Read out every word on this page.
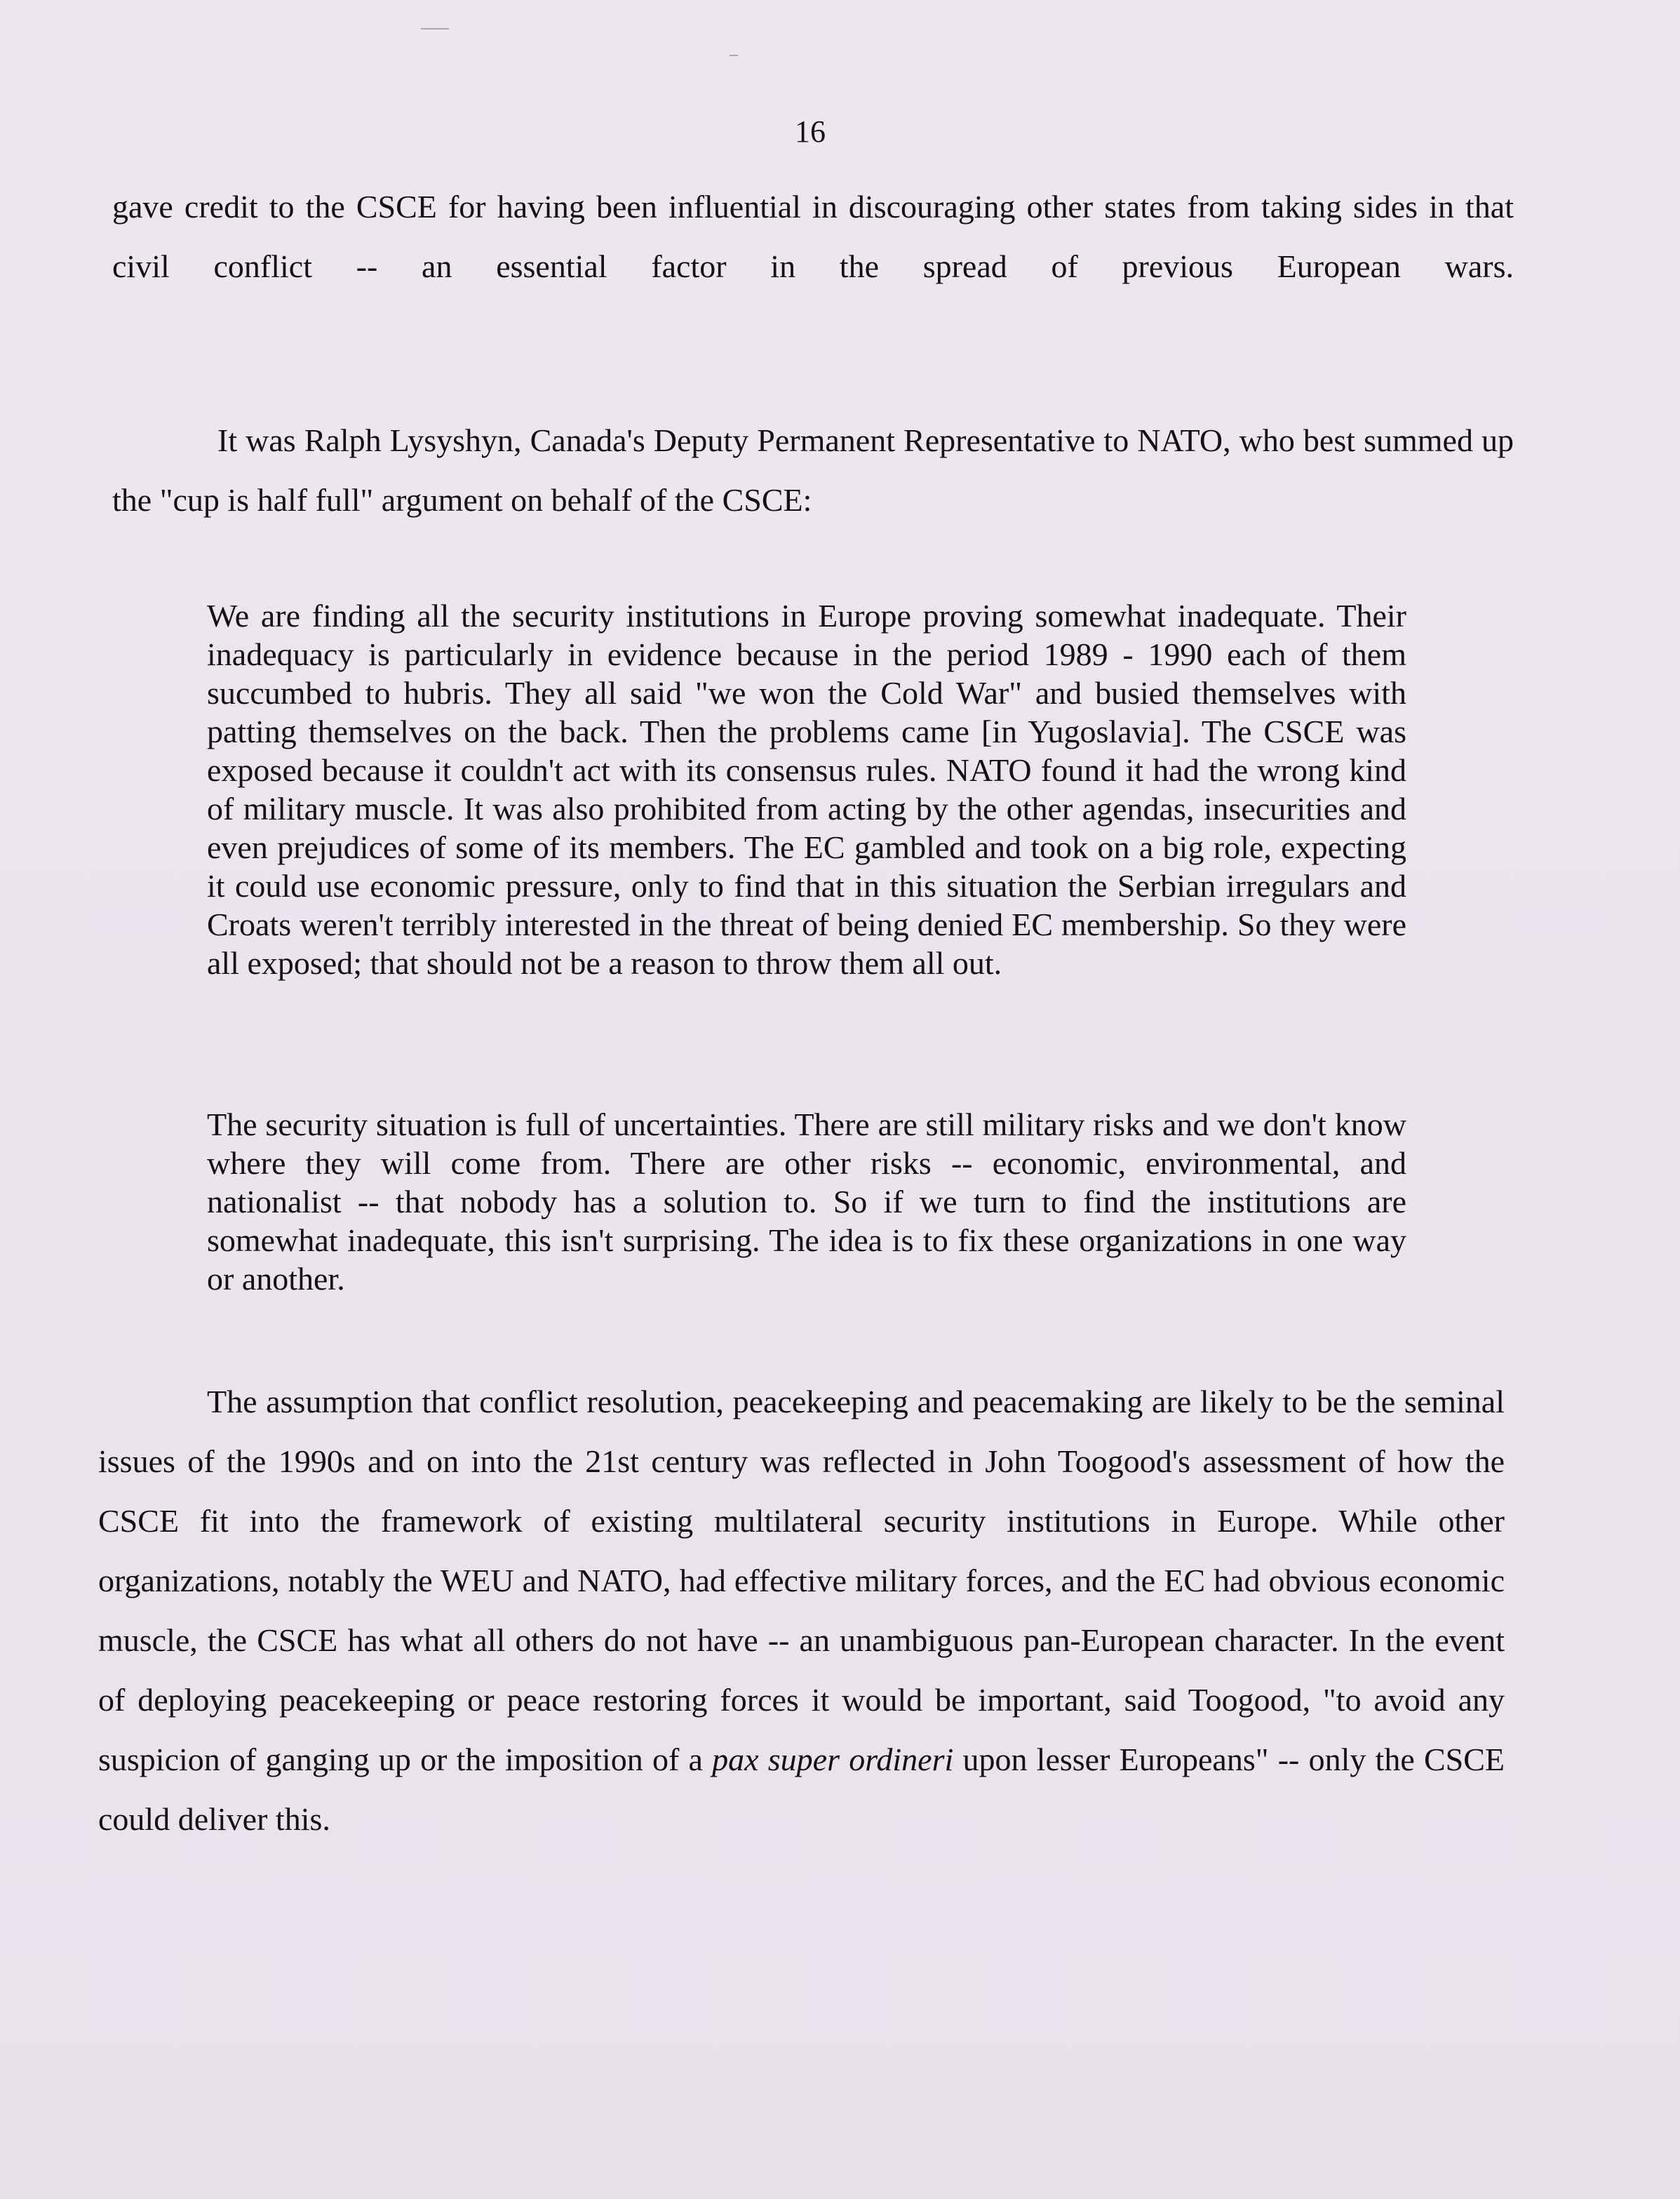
16

gave credit to the CSCE for having been influential in discouraging other states from taking sides in that civil conflict -- an essential factor in the spread of previous European wars.

It was Ralph Lysyshyn, Canada's Deputy Permanent Representative to NATO, who best summed up the "cup is half full" argument on behalf of the CSCE:

We are finding all the security institutions in Europe proving somewhat inadequate. Their inadequacy is particularly in evidence because in the period 1989 - 1990 each of them succumbed to hubris. They all said "we won the Cold War" and busied themselves with patting themselves on the back. Then the problems came [in Yugoslavia]. The CSCE was exposed because it couldn't act with its consensus rules. NATO found it had the wrong kind of military muscle. It was also prohibited from acting by the other agendas, insecurities and even prejudices of some of its members. The EC gambled and took on a big role, expecting it could use economic pressure, only to find that in this situation the Serbian irregulars and Croats weren't terribly interested in the threat of being denied EC membership. So they were all exposed; that should not be a reason to throw them all out.

The security situation is full of uncertainties. There are still military risks and we don't know where they will come from. There are other risks -- economic, environmental, and nationalist -- that nobody has a solution to. So if we turn to find the institutions are somewhat inadequate, this isn't surprising. The idea is to fix these organizations in one way or another.

The assumption that conflict resolution, peacekeeping and peacemaking are likely to be the seminal issues of the 1990s and on into the 21st century was reflected in John Toogood's assessment of how the CSCE fit into the framework of existing multilateral security institutions in Europe. While other organizations, notably the WEU and NATO, had effective military forces, and the EC had obvious economic muscle, the CSCE has what all others do not have -- an unambiguous pan-European character. In the event of deploying peacekeeping or peace restoring forces it would be important, said Toogood, "to avoid any suspicion of ganging up or the imposition of a pax super ordineri upon lesser Europeans" -- only the CSCE could deliver this.
